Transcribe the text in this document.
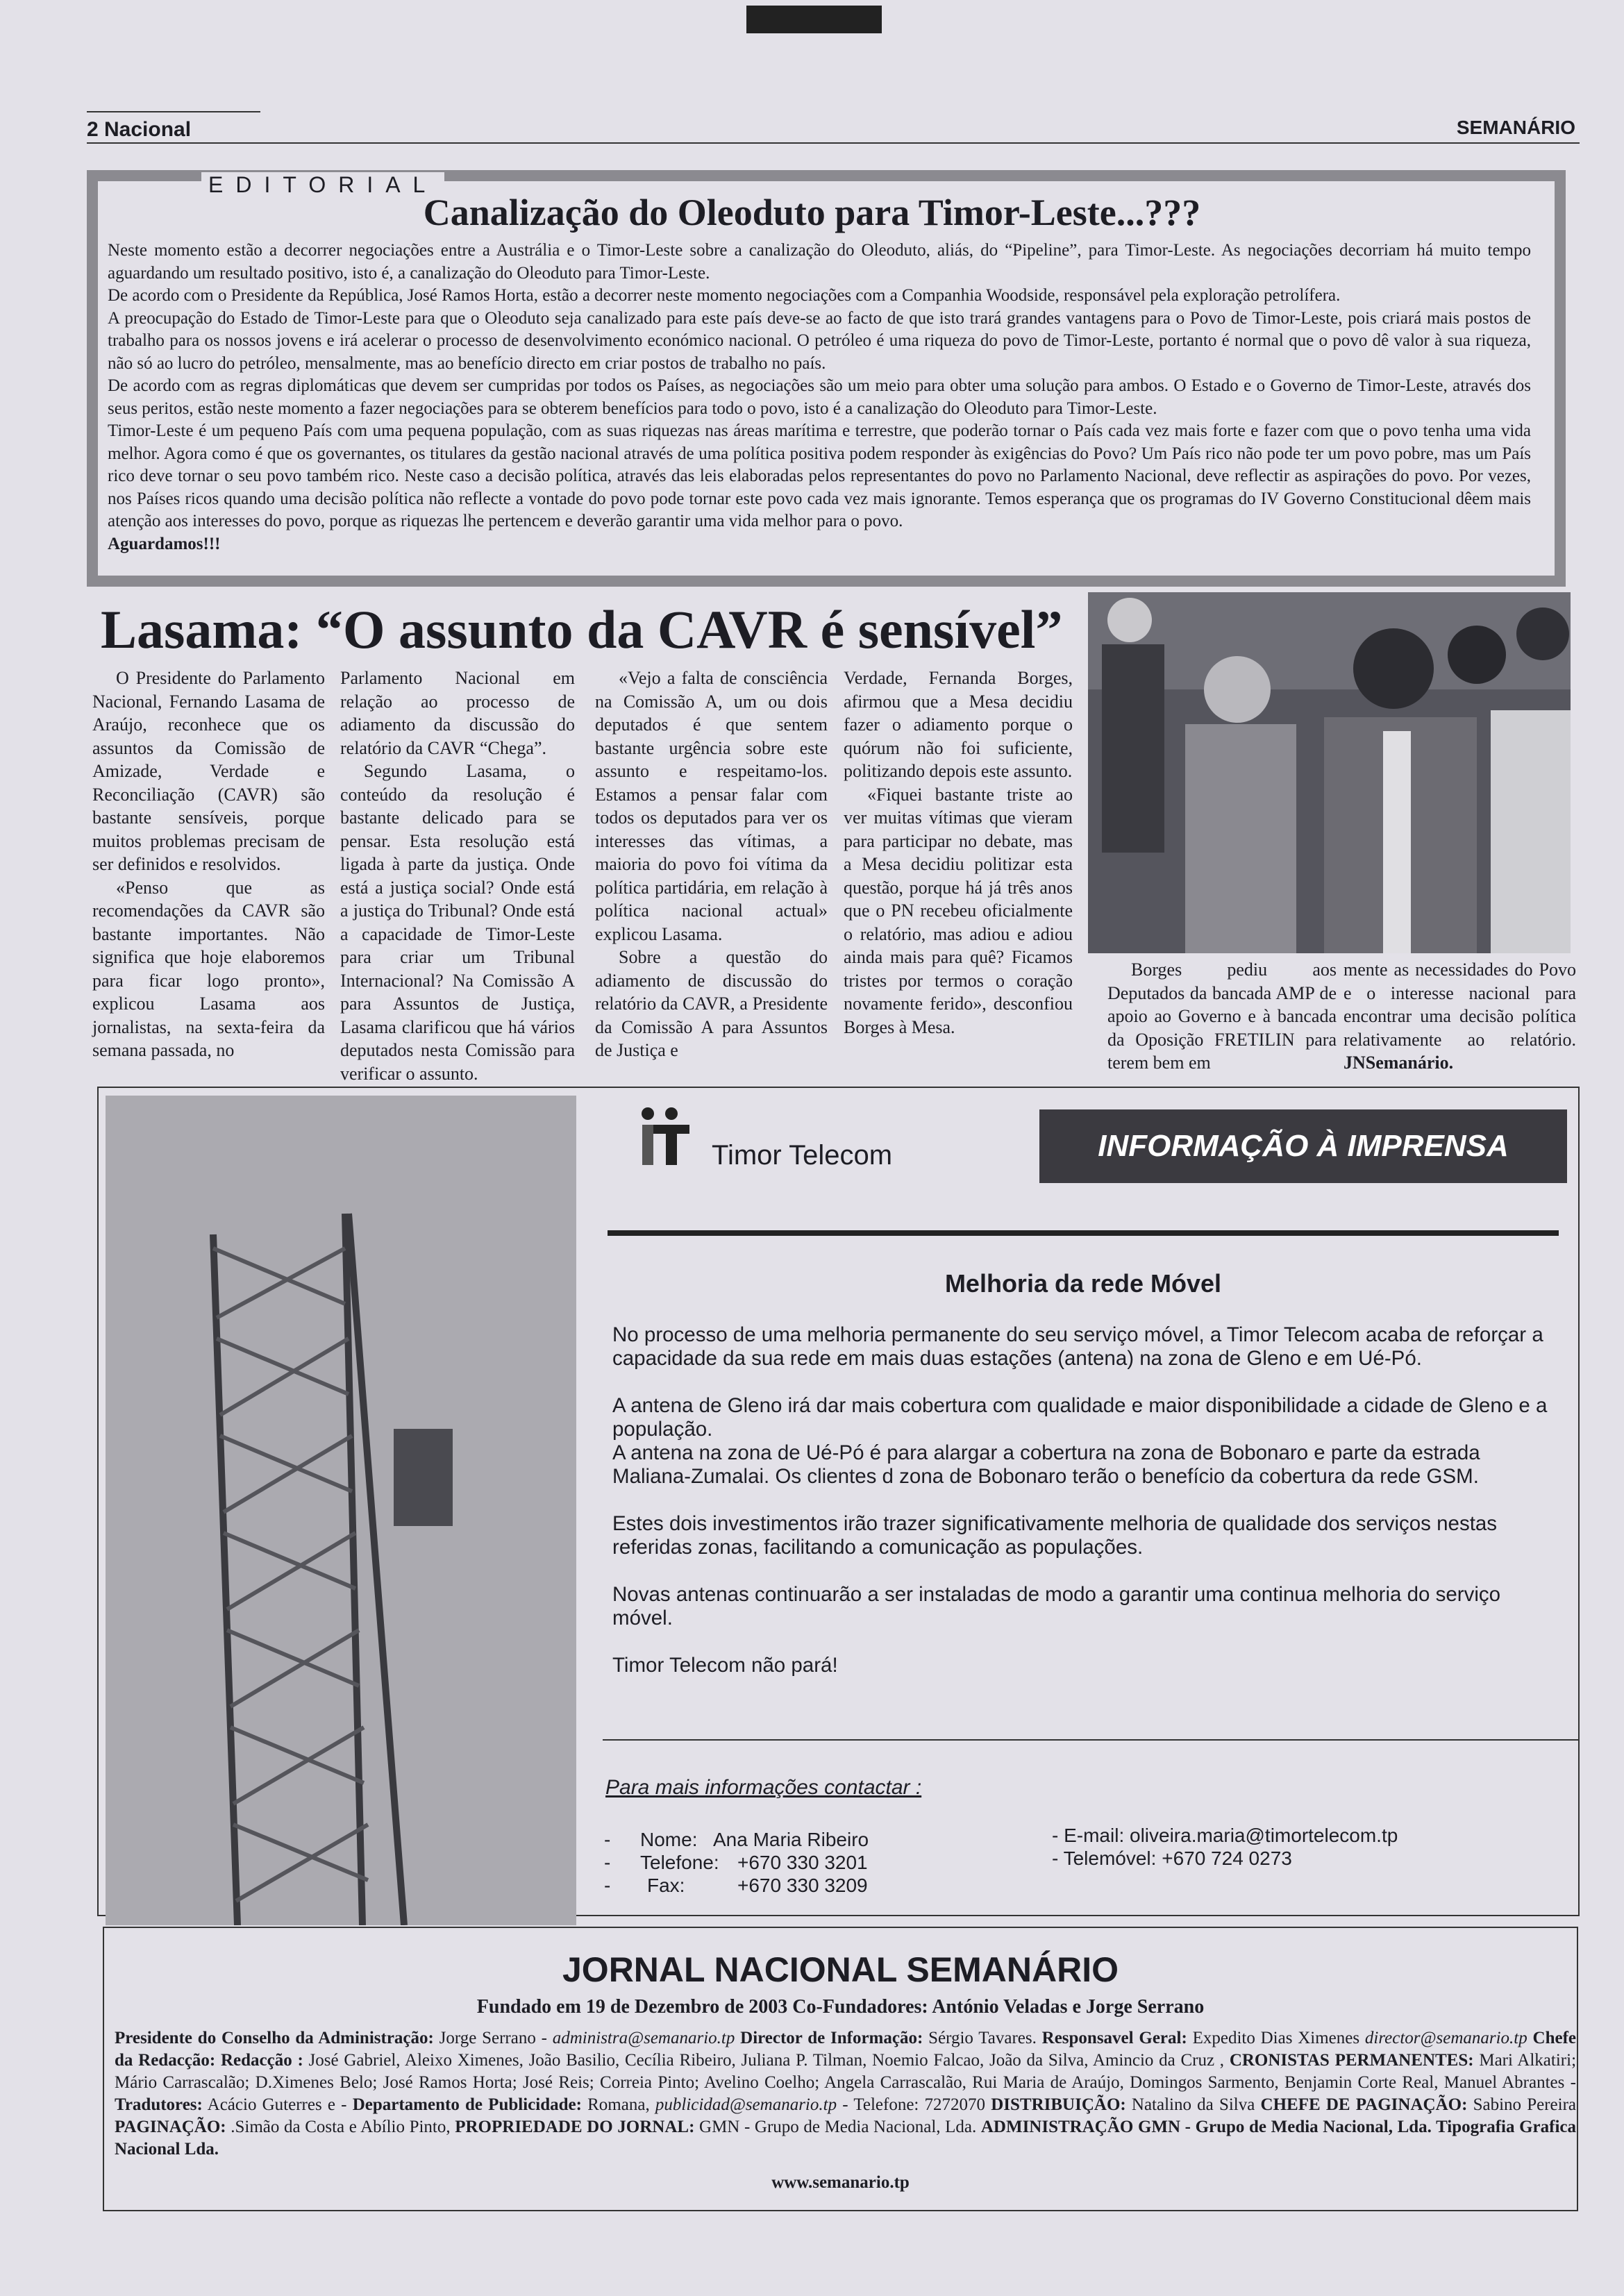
2 Nacional	SEMANÁRIO
EDITORIAL
Canalização do Oleoduto para Timor-Leste...???

Neste momento estão a decorrer negociações entre a Austrália e o Timor-Leste sobre a canalização do Oleoduto, aliás, do “Pipeline”, para Timor-Leste. As negociações decorriam há muito tempo aguardando um resultado positivo, isto é, a canalização do Oleoduto para Timor-Leste.

De acordo com o Presidente da República, José Ramos Horta, estão a decorrer neste momento negociações com a Companhia Woodside, responsável pela exploração petrolífera.

A preocupação do Estado de Timor-Leste para que o Oleoduto seja canalizado para este país deve-se ao facto de que isto trará grandes vantagens para o Povo de Timor-Leste, pois criará mais postos de trabalho para os nossos jovens e irá acelerar o processo de desenvolvimento económico nacional. O petróleo é uma riqueza do povo de Timor-Leste, portanto é normal que o povo dê valor à sua riqueza, não só ao lucro do petróleo, mensalmente, mas ao benefício directo em criar postos de trabalho no país.

De acordo com as regras diplomáticas que devem ser cumpridas por todos os Países, as negociações são um meio para obter uma solução para ambos. O Estado e o Governo de Timor-Leste, através dos seus peritos, estão neste momento a fazer negociações para se obterem benefícios para todo o povo, isto é a canalização do Oleoduto para Timor-Leste.

Timor-Leste é um pequeno País com uma pequena população, com as suas riquezas nas áreas marítima e terrestre, que poderão tornar o País cada vez mais forte e fazer com que o povo tenha uma vida melhor. Agora como é que os governantes, os titulares da gestão nacional através de uma política positiva podem responder às exigências do Povo? Um País rico não pode ter um povo pobre, mas um País rico deve tornar o seu povo também rico. Neste caso a decisão política, através das leis elaboradas pelos representantes do povo no Parlamento Nacional, deve reflectir as aspirações do povo. Por vezes, nos Países ricos quando uma decisão política não reflecte a vontade do povo pode tornar este povo cada vez mais ignorante. Temos esperança que os programas do IV Governo Constitucional dêem mais atenção aos interesses do povo, porque as riquezas lhe pertencem e deverão garantir uma vida melhor para o povo.

Aguardamos!!!

Lasama: “O assunto da CAVR é sensível”

O Presidente do Parlamento Nacional, Fernando Lasama de Araújo, reconhece que os assuntos da Comissão de Amizade, Verdade e Reconciliação (CAVR) são bastante sensíveis, porque muitos problemas precisam de ser definidos e resolvidos.

«Penso que as recomendações da CAVR são bastante importantes. Não significa que hoje elaboremos para ficar logo pronto», explicou Lasama aos jornalistas, na sexta-feira da semana passada, no

Parlamento Nacional em relação ao processo de adiamento da discussão do relatório da CAVR “Chega”.

Segundo Lasama, o conteúdo da resolução é bastante delicado para se pensar. Esta resolução está ligada à parte da justiça. Onde está a justiça social? Onde está a justiça do Tribunal? Onde está a capacidade de Timor-Leste para criar um Tribunal Internacional? Na Comissão A para Assuntos de Justiça, Lasama clarificou que há vários deputados nesta Comissão para verificar o assunto.

«Vejo a falta de consciência na Comissão A, um ou dois deputados é que sentem bastante urgência sobre este assunto e respeitamo-los. Estamos a pensar falar com todos os deputados para ver os interesses das vítimas, a maioria do povo foi vítima da política partidária, em relação à política nacional actual» explicou Lasama.

Sobre a questão do adiamento de discussão do relatório da CAVR, a Presidente da Comissão A para Assuntos de Justiça e

Verdade, Fernanda Borges, afirmou que a Mesa decidiu fazer o adiamento porque o quórum não foi suficiente, politizando depois este assunto.

«Fiquei bastante triste ao ver muitas vítimas que vieram para participar no debate, mas a Mesa decidiu politizar esta questão, porque há já três anos que o PN recebeu oficialmente o relatório, mas adiou e adiou ainda mais para quê? Ficamos tristes por termos o coração novamente ferido», desconfiou Borges à Mesa.

Borges pediu aos Deputados da bancada AMP de apoio ao Governo e à bancada da Oposição FRETILIN para terem bem em

mente as necessidades do Povo e o interesse nacional para encontrar uma decisão política relativamente ao relatório. JNSemanário.

Timor Telecom	INFORMAÇÃO À IMPRENSA
Melhoria da rede Móvel

No processo de uma melhoria permanente do seu serviço móvel, a Timor Telecom acaba de reforçar a capacidade da sua rede em mais duas estações (antena) na zona de Gleno e em Ué-Pó.

A antena de Gleno irá dar mais cobertura com qualidade e maior disponibilidade a cidade de Gleno e a população.
A antena na zona de Ué-Pó é para alargar a cobertura na zona de Bobonaro e parte da estrada Maliana-Zumalai. Os clientes d zona de Bobonaro terão o benefício da cobertura da rede GSM.

Estes dois investimentos irão trazer significativamente melhoria de qualidade dos serviços nestas referidas zonas, facilitando a comunicação as populações.

Novas antenas continuarão a ser instaladas de modo a garantir uma continua melhoria do serviço móvel.

Timor Telecom não pará!

Para mais informações contactar :
- Nome: Ana Maria Ribeiro
- Telefone: +670 330 3201
- Fax:	+670 330 3209
- E-mail: oliveira.maria@timortelecom.tp
- Telemóvel: +670 724 0273
JORNAL NACIONAL SEMANÁRIO
Fundado em 19 de Dezembro de 2003 Co-Fundadores: António Veladas e Jorge Serrano
Presidente do Conselho da Administração: Jorge Serrano - administra@semanario.tp Director de Informação: Sérgio Tavares. Responsavel Geral: Expedito Dias Ximenes director@semanario.tp Chefe da Redacção: Redacção : José Gabriel, Aleixo Ximenes, João Basilio, Cecília Ribeiro, Juliana P. Tilman, Noemio Falcao, João da Silva, Amincio da Cruz , CRONISTAS PERMANENTES: Mari Alkatiri; Mário Carrascalão; D.Ximenes Belo; José Ramos Horta; José Reis; Correia Pinto; Avelino Coelho; Angela Carrascalão, Rui Maria de Araújo, Domingos Sarmento, Benjamin Corte Real, Manuel Abrantes - Tradutores: Acácio Guterres e - Departamento de Publicidade: Romana, publicidad@semanario.tp - Telefone: 7272070 DISTRIBUIÇÃO: Natalino da Silva CHEFE DE PAGINAÇÃO: Sabino Pereira PAGINAÇÃO: .Simão da Costa e Abílio Pinto, PROPRIEDADE DO JORNAL: GMN - Grupo de Media Nacional, Lda. ADMINISTRAÇÃO GMN - Grupo de Media Nacional, Lda. Tipografia Grafica Nacional Lda.
www.semanario.tp
